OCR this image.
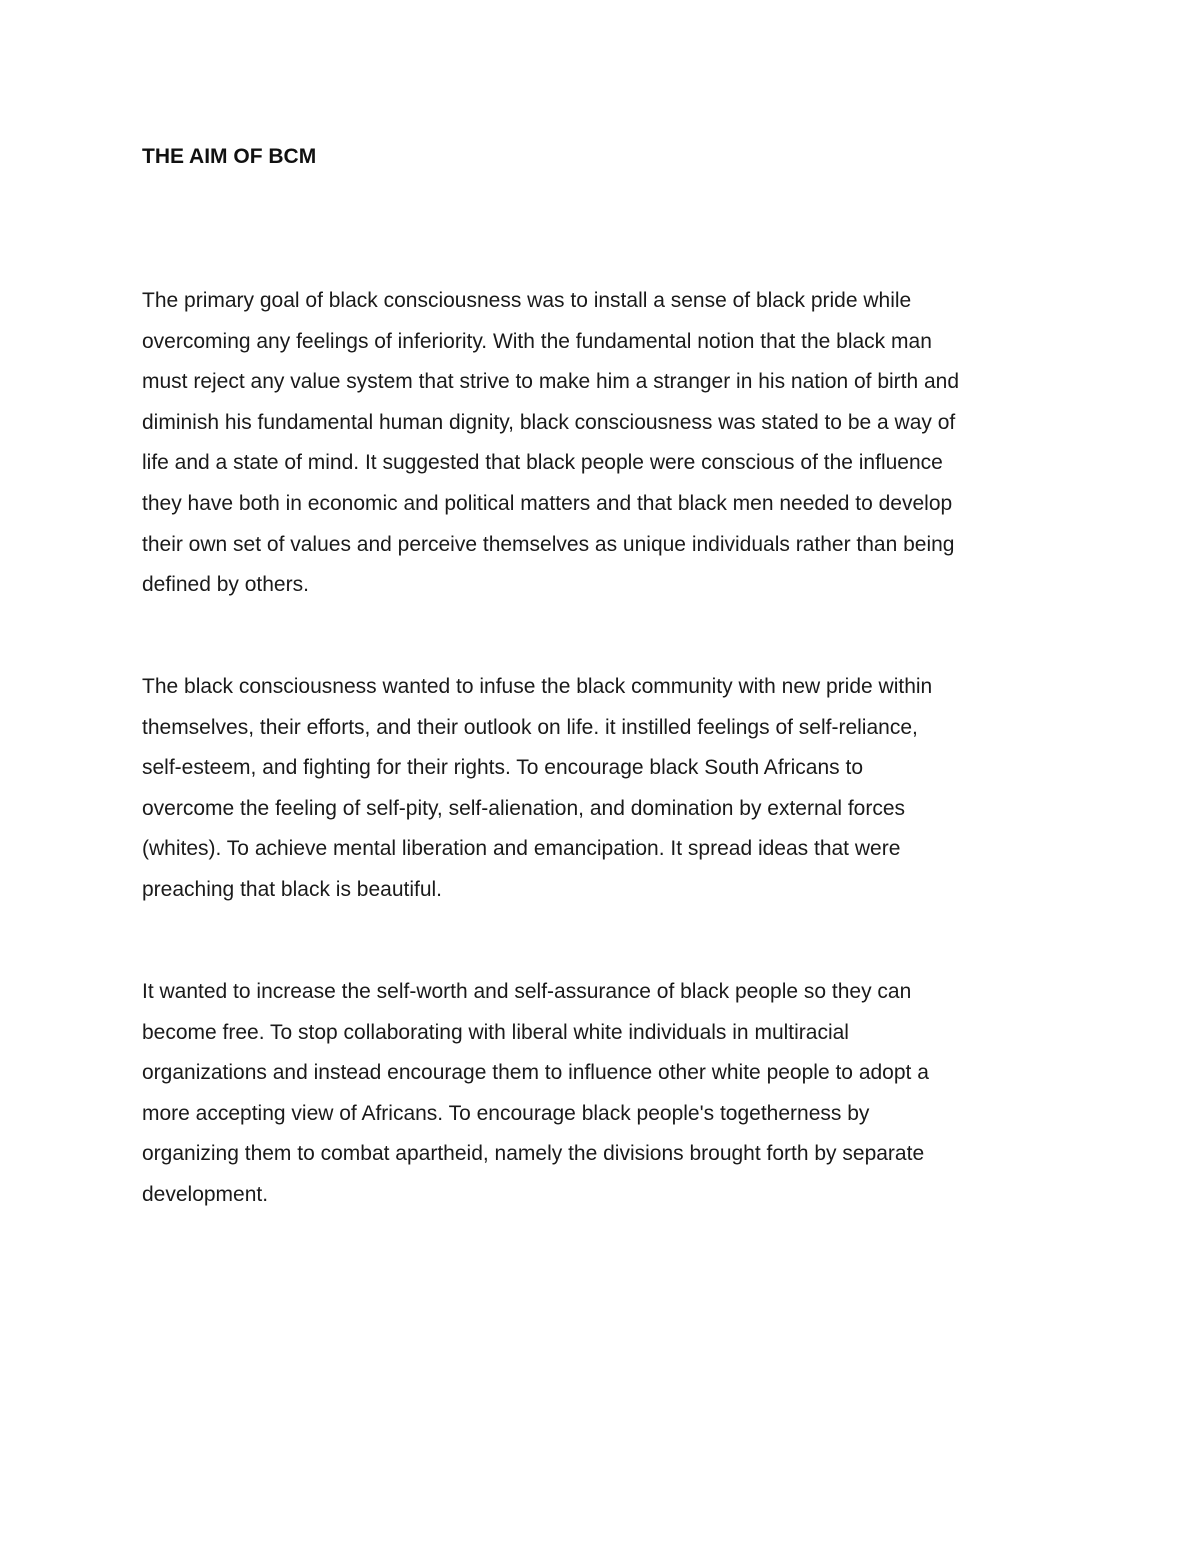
THE AIM OF BCM

The primary goal of black consciousness was to install a sense of black pride while
overcoming any feelings of inferiority. With the fundamental notion that the black man
must reject any value system that strive to make him a stranger in his nation of birth and
diminish his fundamental human dignity, black consciousness was stated to be a way of
life and a state of mind. It suggested that black people were conscious of the influence
they have both in economic and political matters and that black men needed to develop
their own set of values and perceive themselves as unique individuals rather than being
defined by others.

The black consciousness wanted to infuse the black community with new pride within
themselves, their efforts, and their outlook on life. it instilled feelings of self-reliance,
self-esteem, and fighting for their rights. To encourage black South Africans to
overcome the feeling of self-pity, self-alienation, and domination by external forces
(whites). To achieve mental liberation and emancipation. It spread ideas that were
preaching that black is beautiful.

It wanted to increase the self-worth and self-assurance of black people so they can
become free. To stop collaborating with liberal white individuals in multiracial
organizations and instead encourage them to influence other white people to adopt a
more accepting view of Africans. To encourage black people's togetherness by
organizing them to combat apartheid, namely the divisions brought forth by separate
development.
